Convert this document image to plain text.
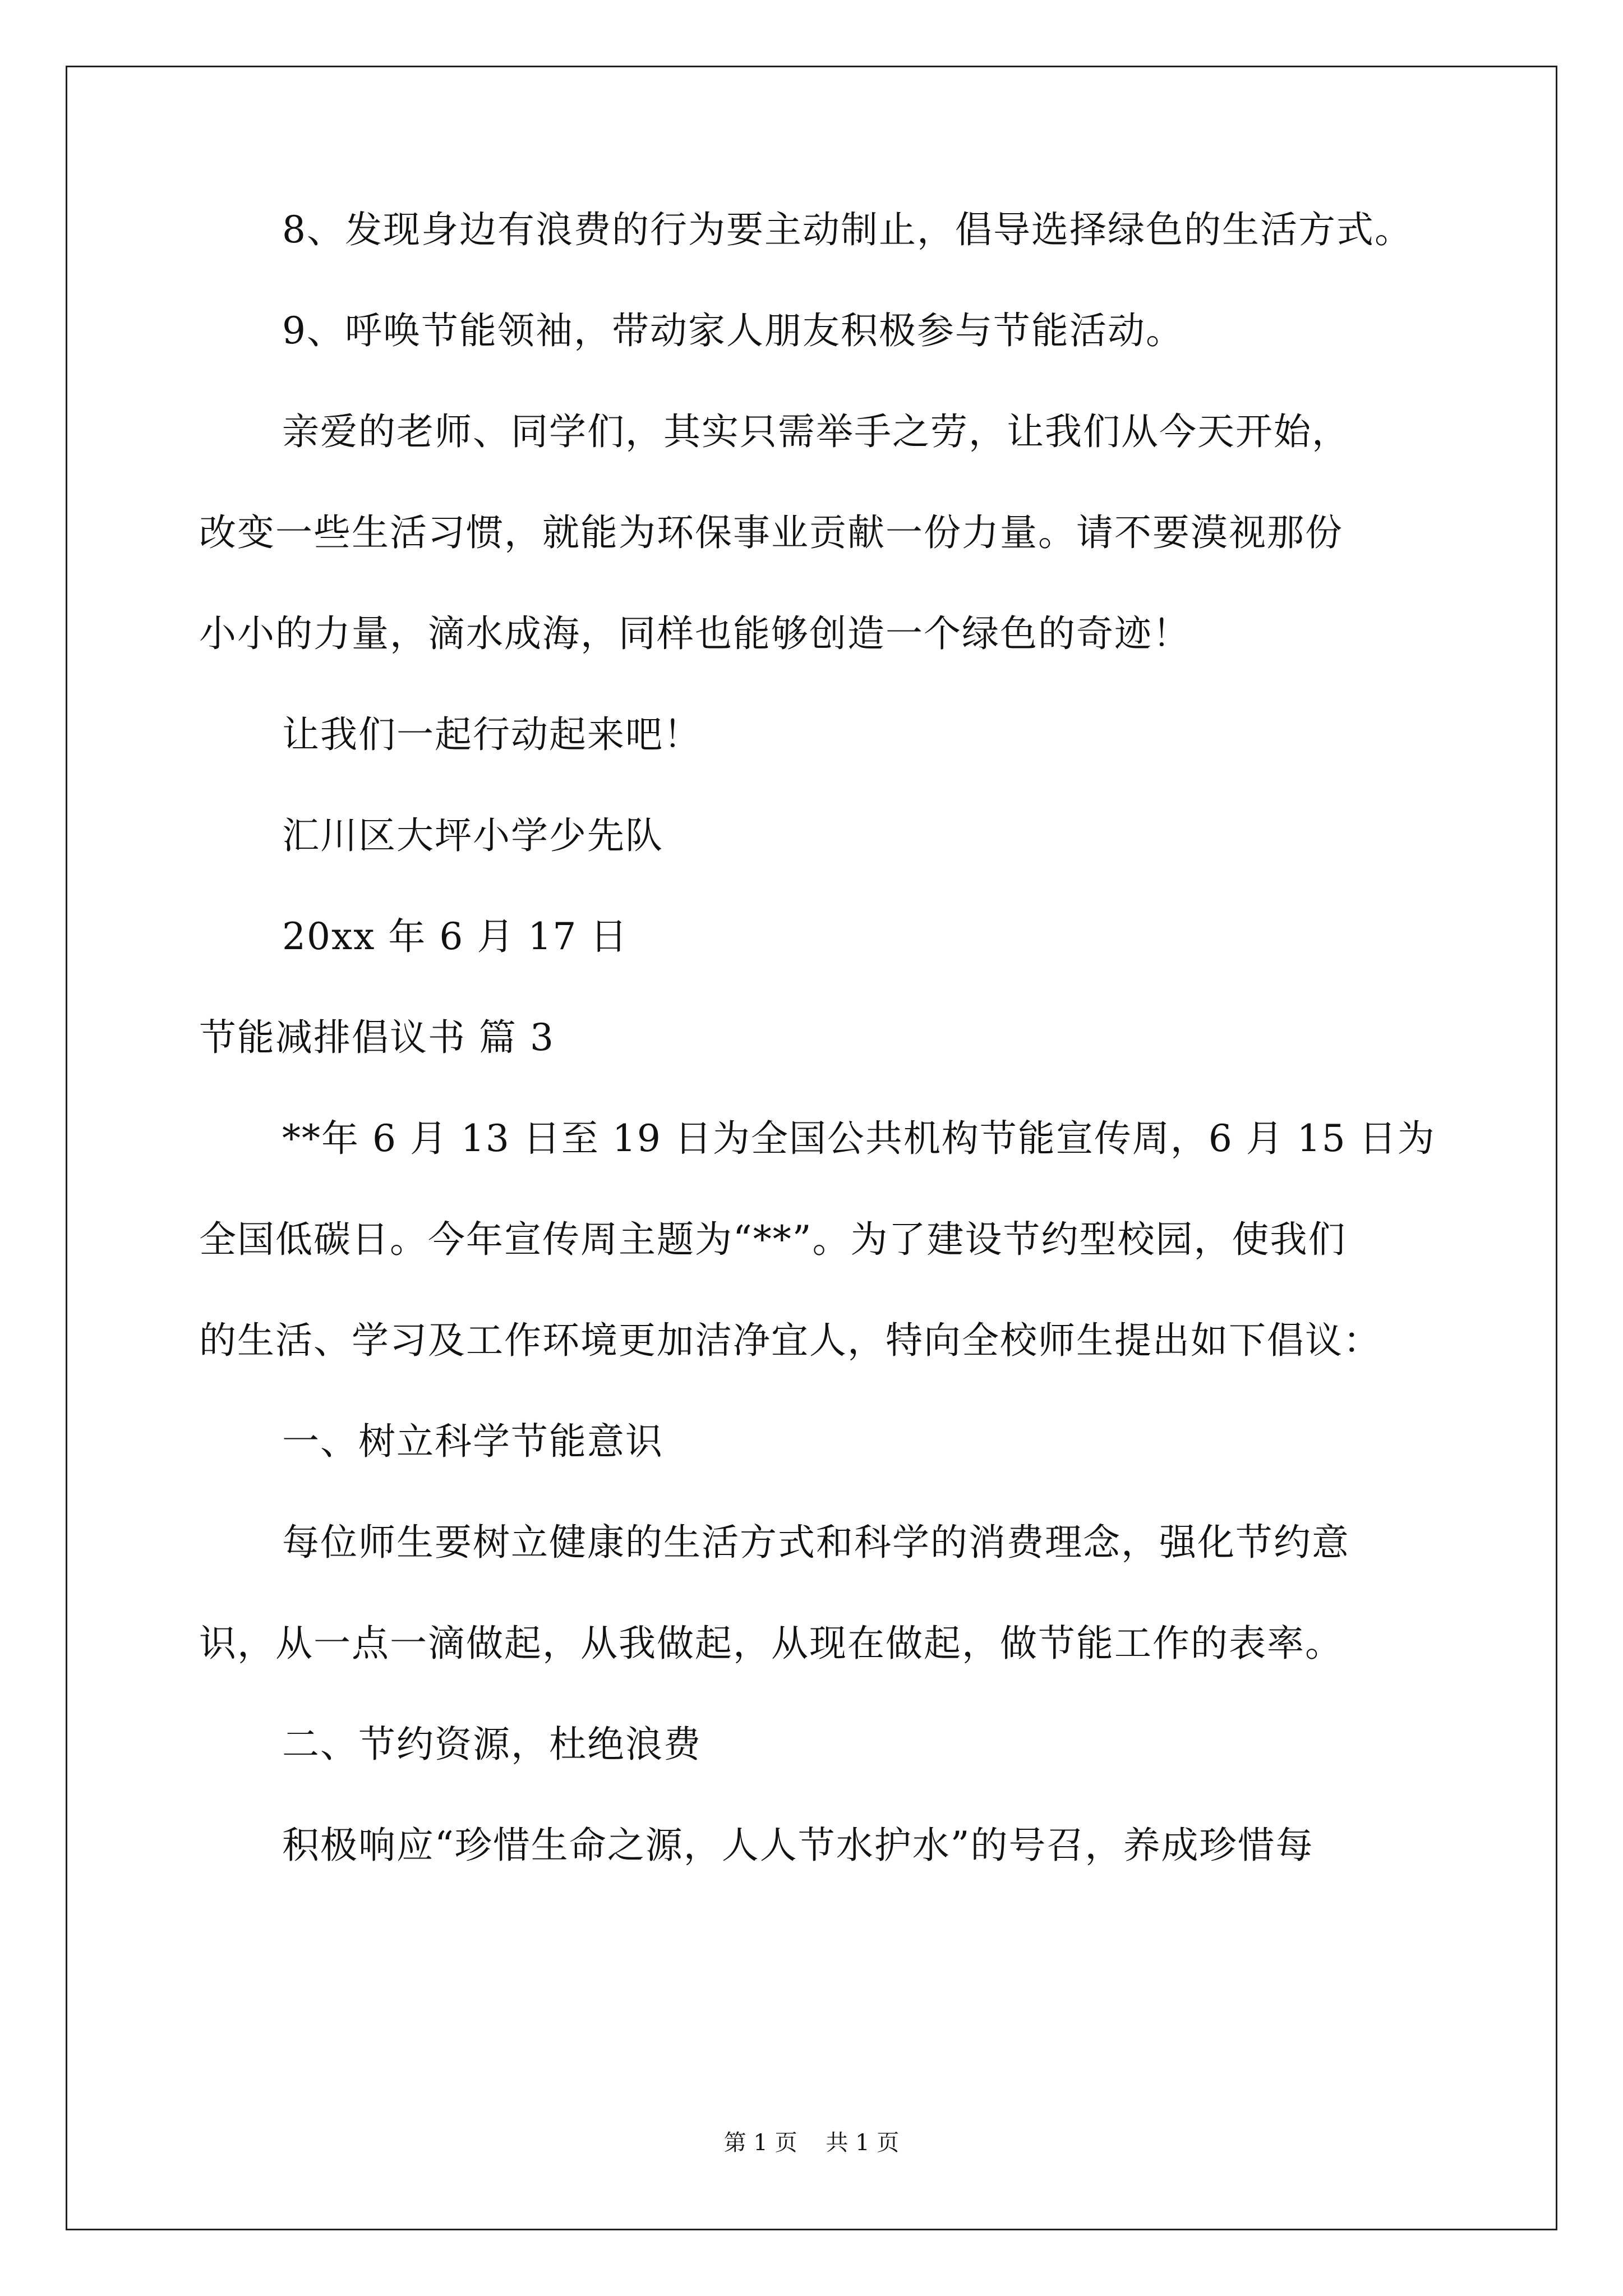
8、发现身边有浪费的行为要主动制止，倡导选择绿色的生活方式。
9、呼唤节能领袖，带动家人朋友积极参与节能活动。
亲爱的老师、同学们，其实只需举手之劳，让我们从今天开始，
改变一些生活习惯，就能为环保事业贡献一份力量。请不要漠视那份
小小的力量，滴水成海，同样也能够创造一个绿色的奇迹！
让我们一起行动起来吧！
汇川区大坪小学少先队
20xx 年 6 月 17 日
节能减排倡议书 篇 3
**年 6 月 13 日至 19 日为全国公共机构节能宣传周，6 月 15 日为
全国低碳日。今年宣传周主题为“**”。为了建设节约型校园，使我们
的生活、学习及工作环境更加洁净宜人，特向全校师生提出如下倡议：
一、树立科学节能意识
每位师生要树立健康的生活方式和科学的消费理念，强化节约意
识，从一点一滴做起，从我做起，从现在做起，做节能工作的表率。
二、节约资源，杜绝浪费
积极响应“珍惜生命之源，人人节水护水”的号召，养成珍惜每
第 1 页    共 1 页
